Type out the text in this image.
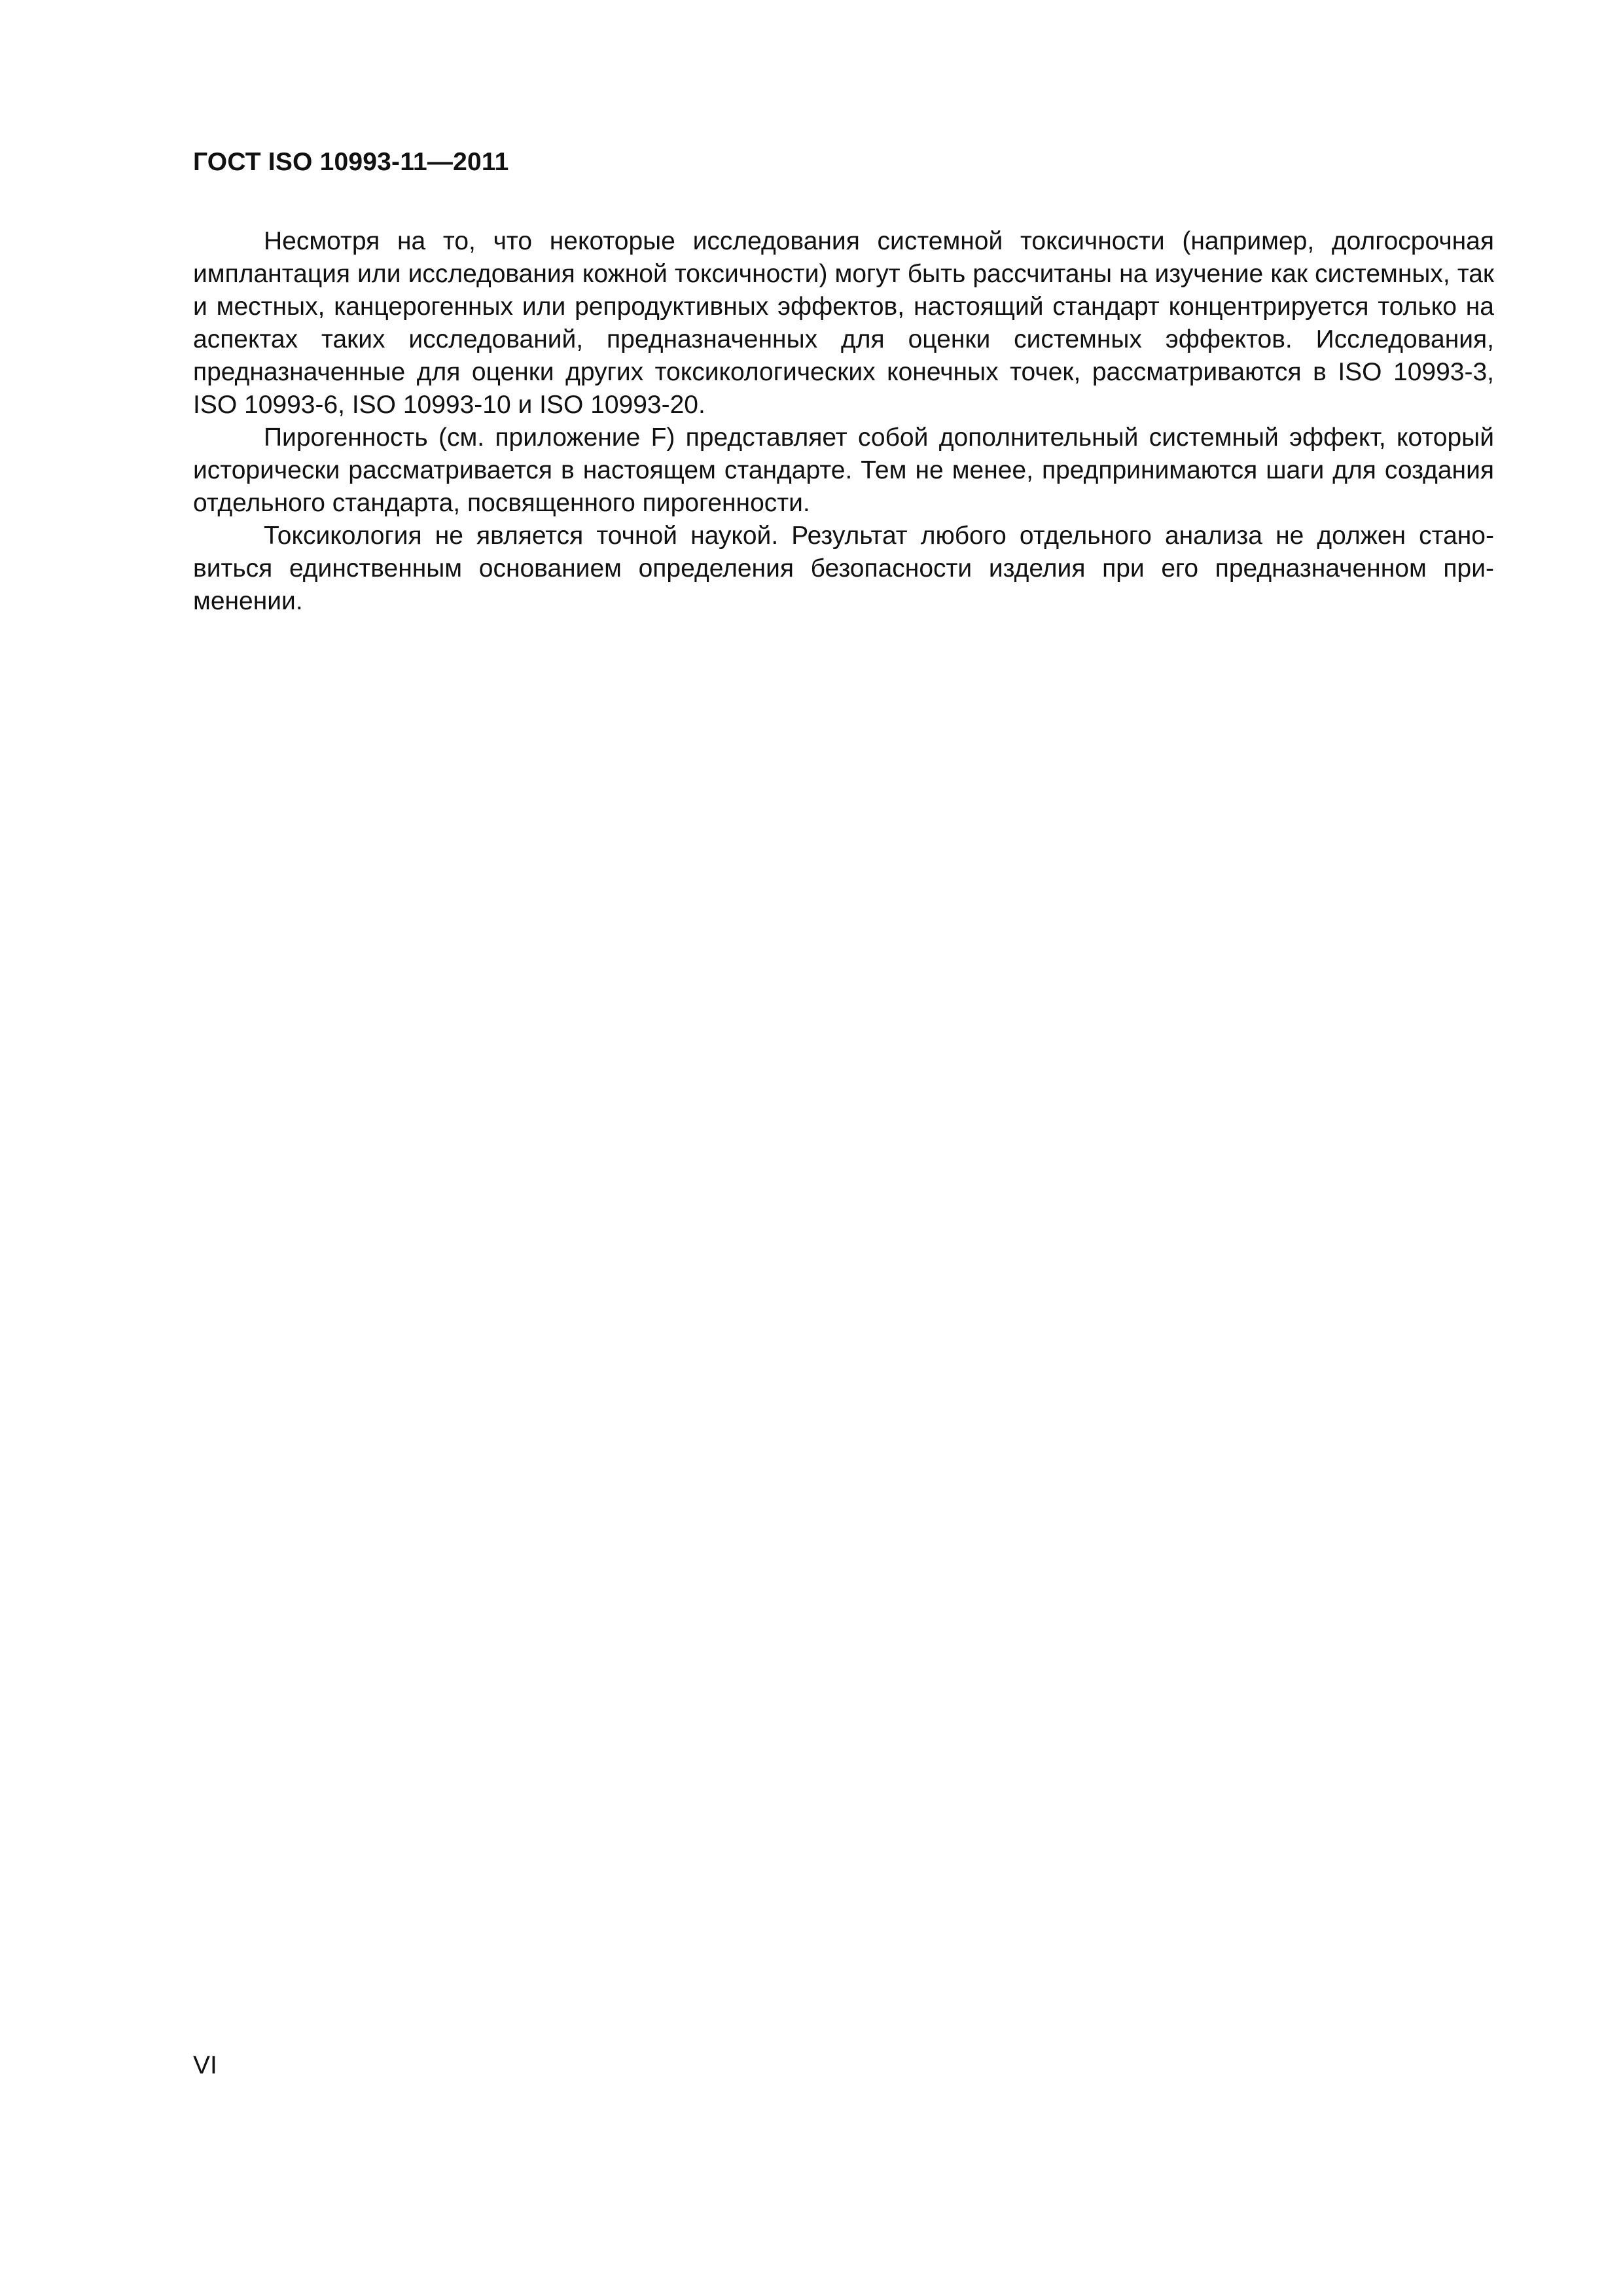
ГОСТ ISO 10993-11—2011

Несмотря на то, что некоторые исследования системной токсичности (например, долгосрочная имплантация или исследования кожной токсичности) могут быть рассчитаны на изучение как системных, так и местных, канцерогенных или репродуктивных эффектов, настоящий стандарт концентрируется только на аспектах таких исследований, предназначенных для оценки системных эффектов. Исследования, предназначенные для оценки других токсикологических конечных точек, рассматриваются в ISO 10993-3, ISO 10993-6, ISO 10993-10 и ISO 10993-20.

Пирогенность (см. приложение F) представляет собой дополнительный системный эффект, который исторически рассматривается в настоящем стандарте. Тем не менее, предпринимаются шаги для создания отдельного стандарта, посвященного пирогенности.

Токсикология не является точной наукой. Результат любого отдельного анализа не должен становиться единственным основанием определения безопасности изделия при его предназначенном применении.

VI
